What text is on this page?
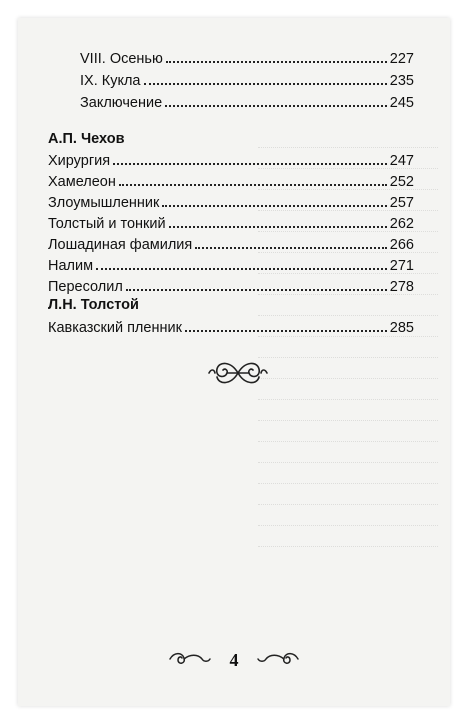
VIII. Осенью	227
IX. Кукла	235
Заключение	245
А.П. Чехов
Хирургия	247
Хамелеон	252
Злоумышленник	257
Толстый и тонкий	262
Лошадиная фамилия	266
Налим	271
Пересолил	278
Л.Н. Толстой
Кавказский пленник	285
4
